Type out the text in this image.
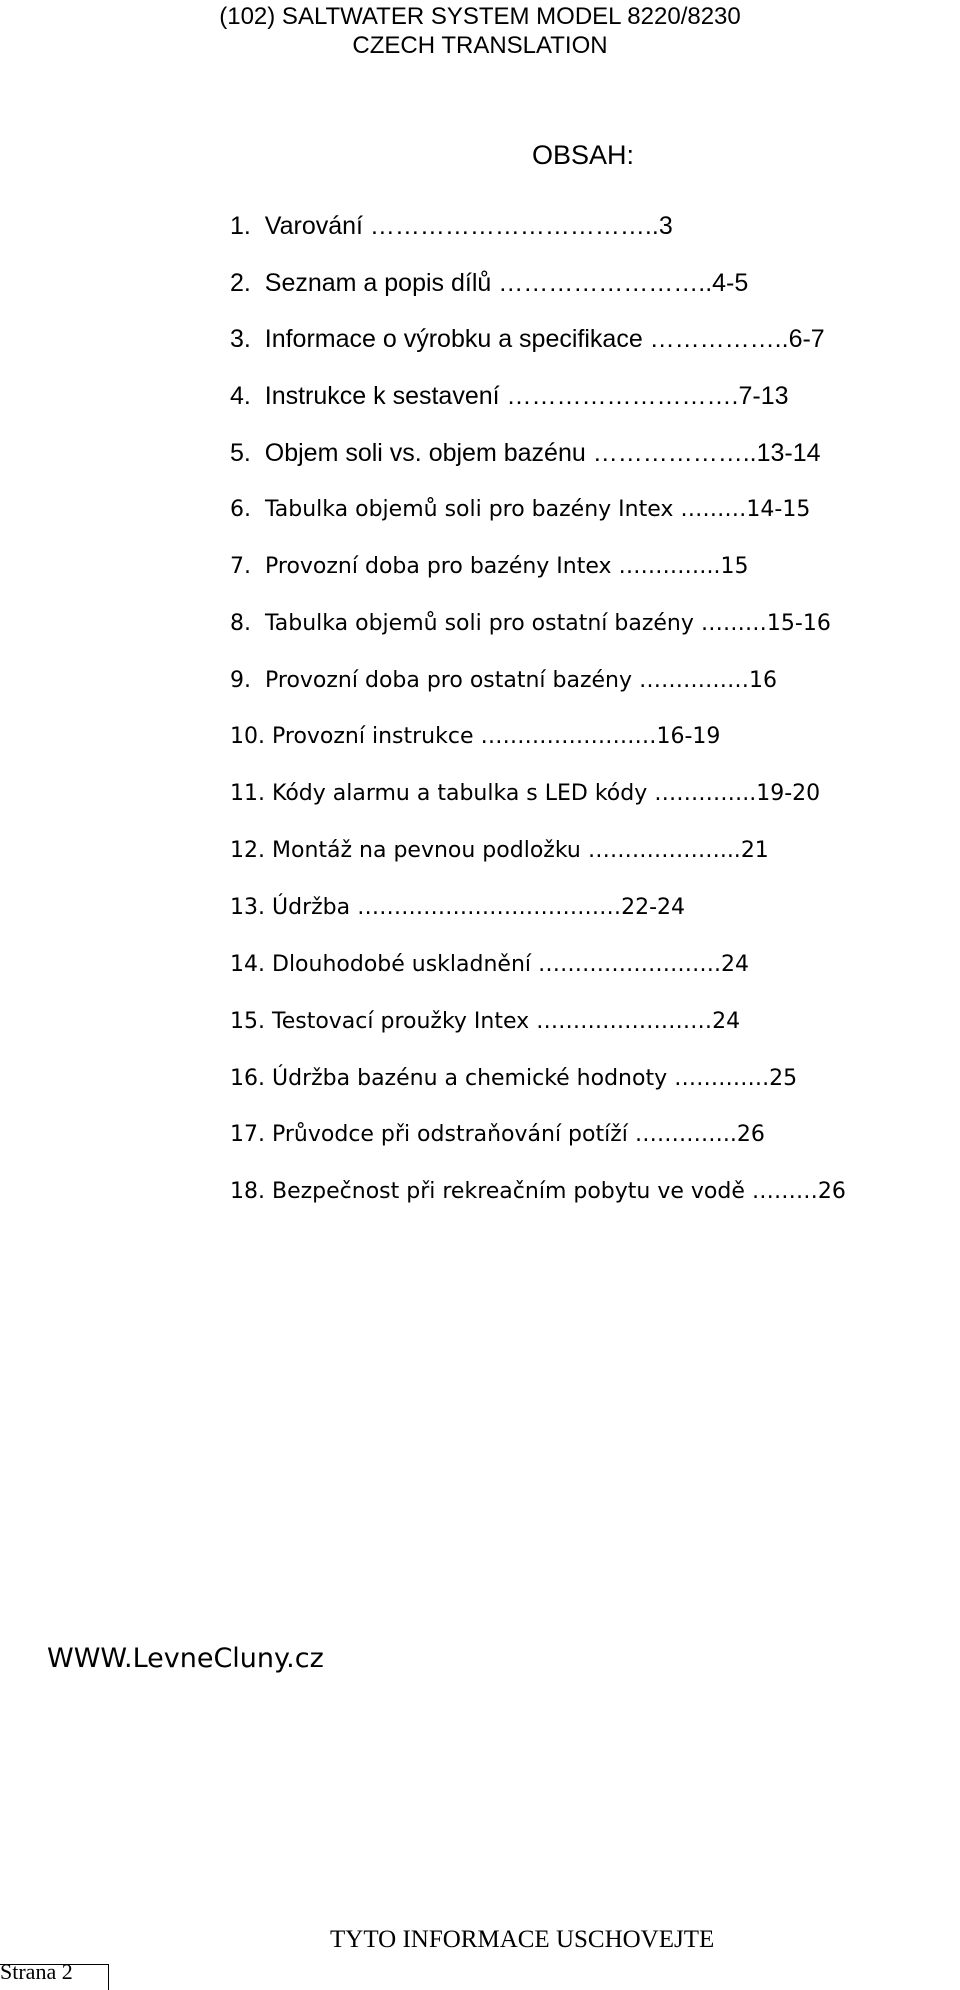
(102) SALTWATER SYSTEM MODEL 8220/8230
CZECH TRANSLATION
OBSAH:
1. Varování ……………………………..3
2. Seznam a popis dílů ……………………..4-5
3. Informace o výrobku a specifikace ……………..6-7
4. Instrukce k sestavení ……………………….7-13
5. Objem soli vs. objem bazénu ………………..13-14
6. Tabulka objemů soli pro bazény Intex ………14-15
7. Provozní doba pro bazény Intex …………..15
8. Tabulka objemů soli pro ostatní bazény ………15-16
9. Provozní doba pro ostatní bazény ……………16
10. Provozní instrukce ……………………16-19
11. Kódy alarmu a tabulka s LED kódy …………..19-20
12. Montáž na pevnou podložku ………………...21
13. Údržba ………………………………22-24
14. Dlouhodobé uskladnění …………………….24
15. Testovací proužky Intex ……………………24
16. Údržba bazénu a chemické hodnoty ………….25
17. Průvodce při odstraňování potíží …………..26
18. Bezpečnost při rekreačním pobytu ve vodě ………26
WWW.LevneCluny.cz
TYTO INFORMACE USCHOVEJTE
Strana 2
